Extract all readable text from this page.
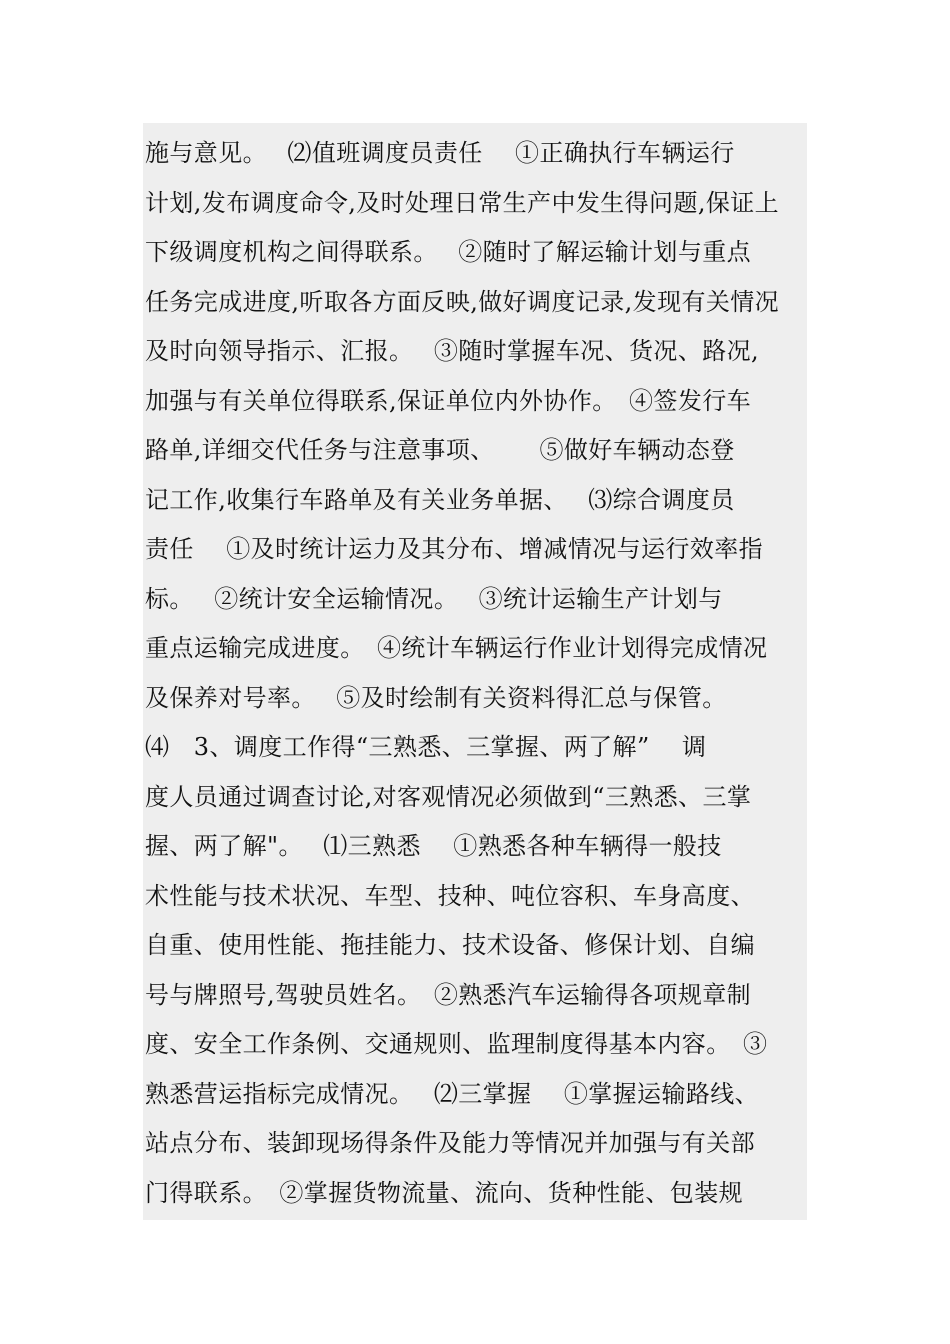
施与意见。　 ⑵值班调度员责任　 ①正确执行车辆运行
计划,发布调度命令,及时处理日常生产中发生得问题,保证上
下级调度机构之间得联系。　 ②随时了解运输计划与重点
任务完成进度,听取各方面反映,做好调度记录,发现有关情况
及时向领导指示、汇报。　 ③随时掌握车况、货况、路况,
加强与有关单位得联系,保证单位内外协作。　④签发行车
路单,详细交代任务与注意事项、　　 ⑤做好车辆动态登
记工作,收集行车路单及有关业务单据、　 ⑶综合调度员
责任　 ①及时统计运力及其分布、增减情况与运行效率指
标。　 ②统计安全运输情况。　 ③统计运输生产计划与
重点运输完成进度。　④统计车辆运行作业计划得完成情况
及保养对号率。　 ⑤及时绘制有关资料得汇总与保管。
⑷　3、调度工作得“三熟悉、三掌握、两了解”　 调
度人员通过调查讨论,对客观情况必须做到“三熟悉、三掌
握、两了解"。　 ⑴三熟悉　 ①熟悉各种车辆得一般技
术性能与技术状况、车型、技种、吨位容积、车身高度、
自重、使用性能、拖挂能力、技术设备、修保计划、自编
号与牌照号,驾驶员姓名。　②熟悉汽车运输得各项规章制
度、安全工作条例、交通规则、监理制度得基本内容。　③
熟悉营运指标完成情况。　 ⑵三掌握　 ①掌握运输路线、
站点分布、装卸现场得条件及能力等情况并加强与有关部
门得联系。　②掌握货物流量、流向、货种性能、包装规
